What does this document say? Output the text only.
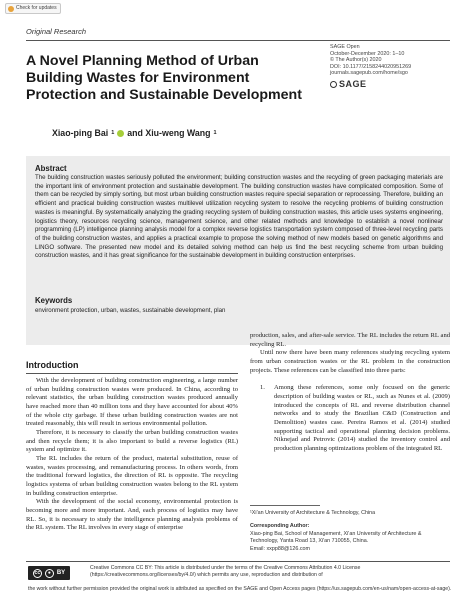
Check for updates
Original Research
A Novel Planning Method of Urban Building Wastes for Environment Protection and Sustainable Development
SAGE Open
October-December 2020: 1–10
© The Author(s) 2020
DOI: 10.1177/2158244020951269
journals.sagepub.com/home/sgo
SAGE
Xiao-ping Bai 1 and Xiu-weng Wang 1
Abstract
The building construction wastes seriously polluted the environment; building construction wastes and the recycling of green packaging materials are the important link of environment protection and sustainable development. The building construction wastes have complicated composition. Some of them can be recycled by simply sorting, but most urban building construction wastes require special separation or reprocessing. Therefore, building an efficient and practical building construction wastes multilevel utilization recycling system to resolve the recycling problems of building construction wastes is meaningful. By systematically analyzing the grading recycling system of building construction wastes, this article uses systems engineering, logistics theory, resources recycling science, management science, and other related methods and knowledge to establish a novel nonlinear programming (LP) intelligence planning analysis model for a complex reverse logistics transportation system composed of three-level recycling parts of the building construction wastes, and applies a practical example to propose the solving method of new models based on genetic algorithms and LINGO software. The presented new model and its detailed solving method can help us find the best recycling scheme from urban building construction wastes, and it has great significance for the sustainable development in building construction enterprises.
Keywords
environment protection, urban, wastes, sustainable development, plan
Introduction

With the development of building construction engineering, a large number of urban building construction wastes were produced. In China, according to relevant statistics, the urban building construction wastes produced annually have reached more than 40 million tons and they have accounted for about 40% of the whole city garbage. If these urban building construction wastes are not treated reasonably, this will result in serious environmental pollution.

Therefore, it is necessary to classify the urban building construction wastes and then recycle them; it is also important to build a reverse logistics (RL) system and optimize it.

The RL includes the return of the product, material substitution, reuse of wastes, wastes processing, and remanufacturing process. In others words, from the traditional forward logistics, the direction of RL is opposite. The recycling logistics systems of urban building construction wastes belong to the RL system in building construction enterprise.

With the development of the social economy, environmental protection is becoming more and more important. And, each process of logistics may have RL. So, it is necessary to study the intelligence planning analysis problems of the RL system. The RL involves in every stage of enterprise

production, sales, and after-sale service. The RL includes the return RL and recycling RL.

Until now there have been many references studying recycling system from urban construction wastes or the RL problem in the construction projects. These references can be classified into three parts:

1. Among these references, some only focused on the generic description of building wastes or RL, such as Nunes et al. (2009) introduced the concepts of RL and reverse distribution channel networks and to study the Brazilian C&D (Construction and Demolition) wastes case. Pereira Ramos et al. (2014) studied supporting tactical and operational planning decision problems. Niknejad and Petrovic (2014) studied the inventory control and production planning optimizations problem of the integrated RL
¹Xi'an University of Architecture & Technology, China
Corresponding Author:
Xiao-ping Bai, School of Management, Xi'an University of Architecture & Technology, Yanta Road 13, Xi'an 710055, China.
Email: xxpp88@126.com
cc	● BY
Creative Commons CC BY: This article is distributed under the terms of the Creative Commons Attribution 4.0 License (https://creativecommons.org/licenses/by/4.0/) which permits any use, reproduction and distribution of
the work without further permission provided the original work is attributed as specified on the SAGE and Open Access pages (https://us.sagepub.com/en-us/nam/open-access-at-sage).
